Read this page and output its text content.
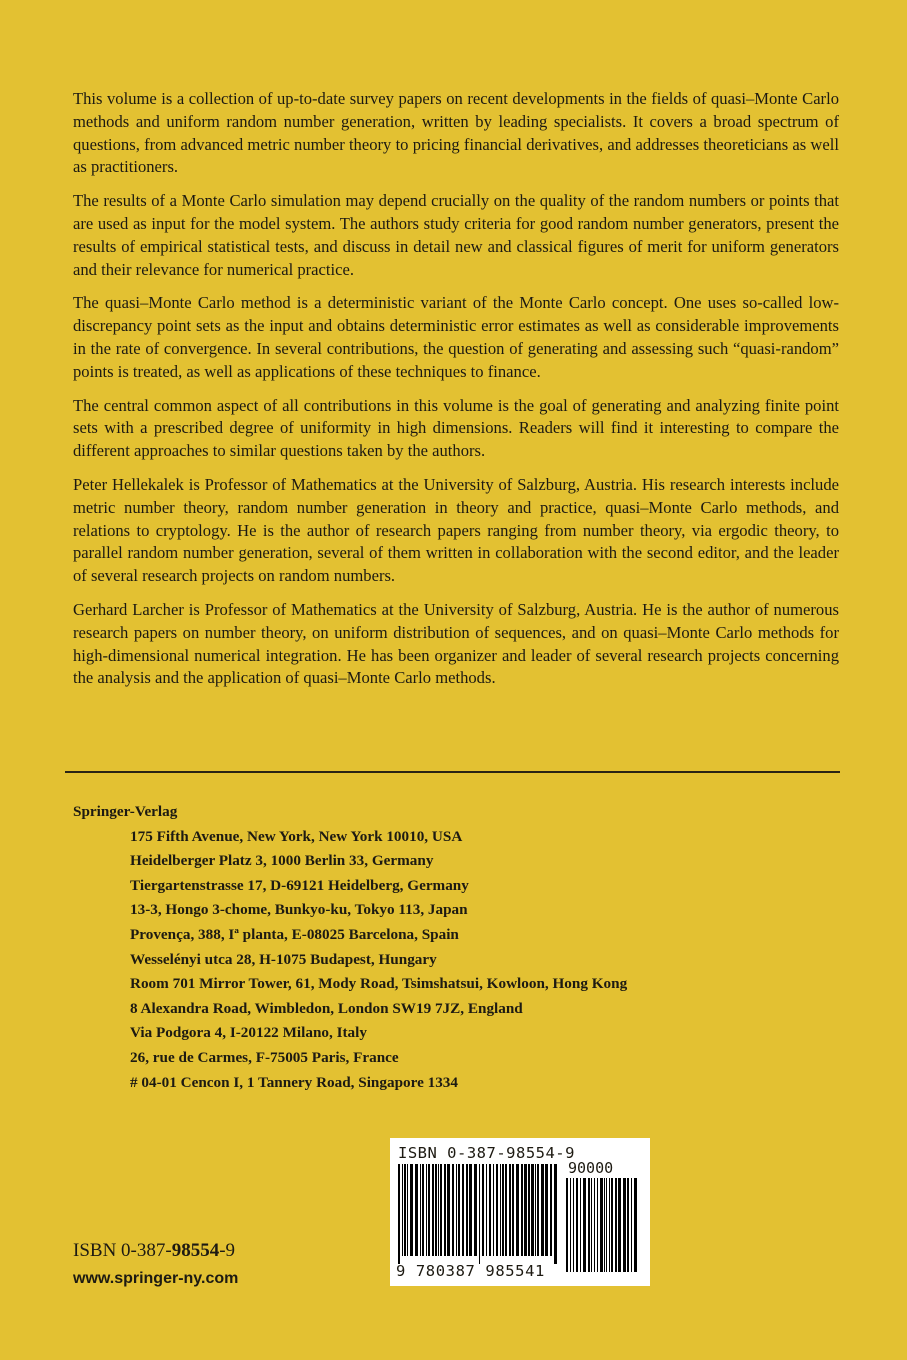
This volume is a collection of up-to-date survey papers on recent developments in the fields of quasi–Monte Carlo methods and uniform random number generation, written by leading specialists. It covers a broad spectrum of questions, from advanced metric number theory to pricing financial derivatives, and addresses theoreticians as well as practitioners.

The results of a Monte Carlo simulation may depend crucially on the quality of the random numbers or points that are used as input for the model system. The authors study criteria for good random number generators, present the results of empirical statistical tests, and discuss in detail new and classical figures of merit for uniform generators and their relevance for numerical practice.

The quasi–Monte Carlo method is a deterministic variant of the Monte Carlo concept. One uses so-called low-discrepancy point sets as the input and obtains deterministic error estimates as well as considerable improvements in the rate of convergence. In several contributions, the question of generating and assessing such “quasi-random” points is treated, as well as applications of these techniques to finance.

The central common aspect of all contributions in this volume is the goal of generating and analyzing finite point sets with a prescribed degree of uniformity in high dimensions. Readers will find it interesting to compare the different approaches to similar questions taken by the authors.

Peter Hellekalek is Professor of Mathematics at the University of Salzburg, Austria. His research interests include metric number theory, random number generation in theory and practice, quasi–Monte Carlo methods, and relations to cryptology. He is the author of research papers ranging from number theory, via ergodic theory, to parallel random number generation, several of them written in collaboration with the second editor, and the leader of several research projects on random numbers.

Gerhard Larcher is Professor of Mathematics at the University of Salzburg, Austria. He is the author of numerous research papers on number theory, on uniform distribution of sequences, and on quasi–Monte Carlo methods for high-dimensional numerical integration. He has been organizer and leader of several research projects concerning the analysis and the application of quasi–Monte Carlo methods.

Springer-Verlag
175 Fifth Avenue, New York, New York 10010, USA
Heidelberger Platz 3, 1000 Berlin 33, Germany
Tiergartenstrasse 17, D-69121 Heidelberg, Germany
13-3, Hongo 3-chome, Bunkyo-ku, Tokyo 113, Japan
Provença, 388, Iª planta, E-08025 Barcelona, Spain
Wesselényi utca 28, H-1075 Budapest, Hungary
Room 701 Mirror Tower, 61, Mody Road, Tsimshatsui, Kowloon, Hong Kong
8 Alexandra Road, Wimbledon, London SW19 7JZ, England
Via Podgora 4, I-20122 Milano, Italy
26, rue de Carmes, F-75005 Paris, France
# 04-01 Cencon I, 1 Tannery Road, Singapore 1334
ISBN 0-387-98554-9
www.springer-ny.com
ISBN 0-387-98554-9
90000
9 780387 985541
